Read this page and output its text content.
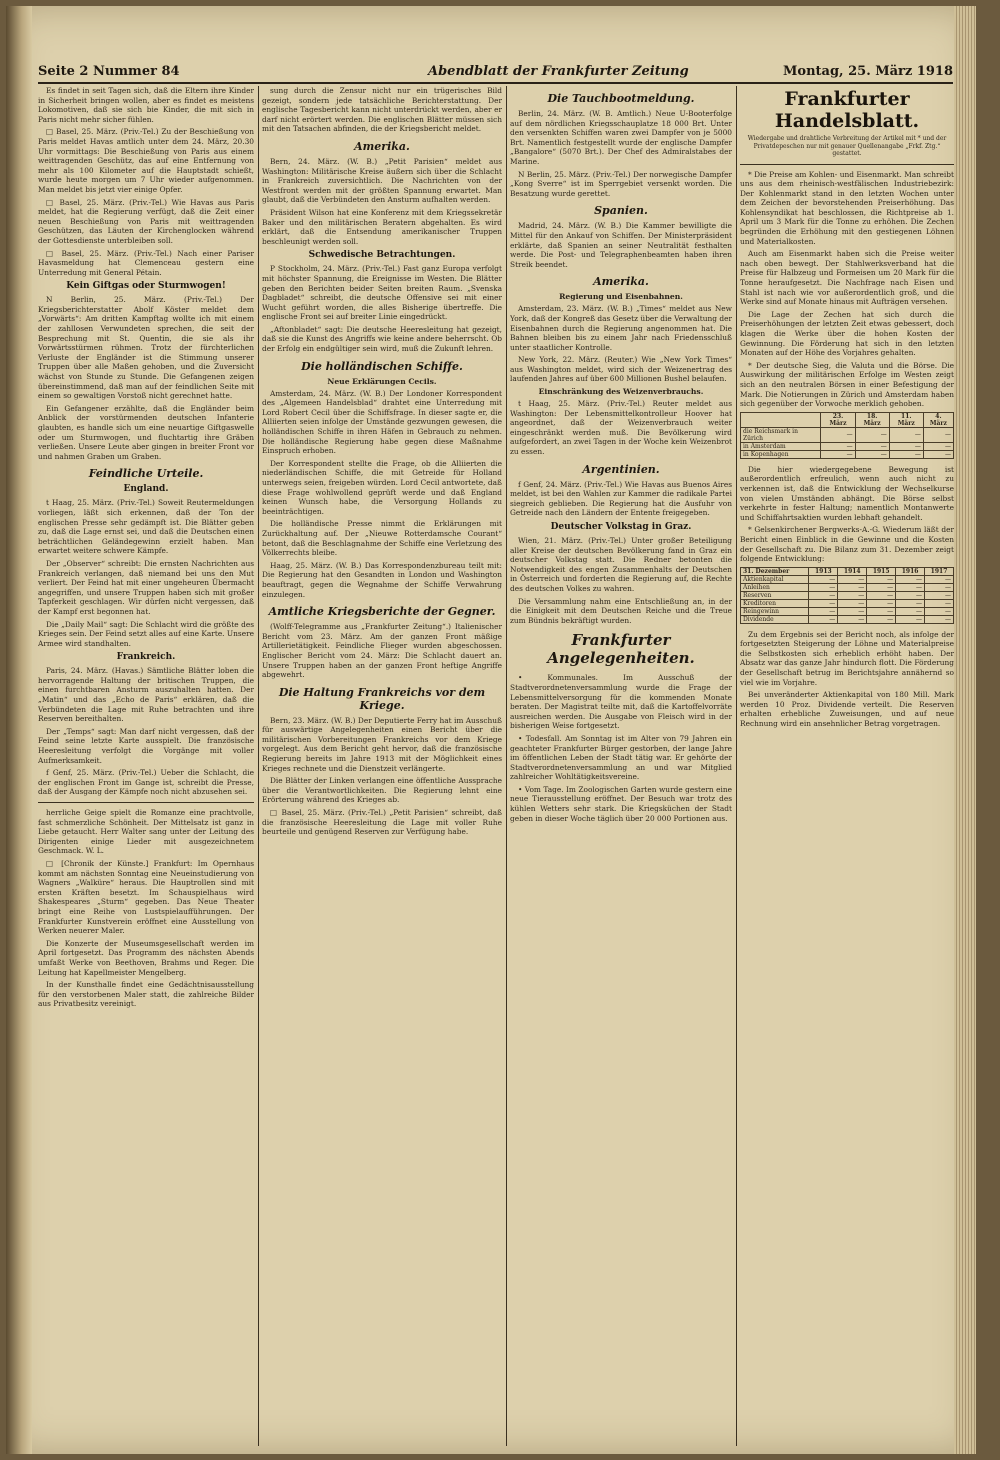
Seite 2 Nummer 84	Abendblatt der Frankfurter Zeitung	Montag, 25. März 1918

Es findet in seit Tagen sich, daß die Eltern ihre Kinder in Sicherheit bringen wollen, aber es findet es meistens Lokomotiven, daß sie sich bie Kinder, die mit sich in Paris nicht mehr sicher fühlen.

□ Basel, 25. März. (Priv.-Tel.) Zu der Beschießung von Paris meldet Havas amtlich unter dem 24. März, 20.30 Uhr vormittags: Die Beschießung von Paris aus einem weittragenden Geschütz, das auf eine Entfernung von mehr als 100 Kilometer auf die Hauptstadt schießt, wurde heute morgen um 7 Uhr wieder aufgenommen. Man meldet bis jetzt vier einige Opfer.

□ Basel, 25. März. (Priv.-Tel.) Wie Havas aus Paris meldet, hat die Regierung verfügt, daß die Zeit einer neuen Beschießung von Paris mit weittragenden Geschützen, das Läuten der Kirchenglocken während der Gottesdienste unterbleiben soll.

□ Basel, 25. März. (Priv.-Tel.) Nach einer Pariser Havasmeldung hat Clemenceau gestern eine Unterredung mit General Pétain.

Kein Giftgas oder Sturmwogen!

N Berlin, 25. März. (Priv.-Tel.) Der Kriegsberichterstatter Abolf Köster meldet dem „Vorwärts“: Am dritten Kampftag wollte ich mit einem der zahllosen Verwundeten sprechen, die seit der Besprechung mit St. Quentin, die sie als ihr Vorwärtsstürmen rühmen. Trotz der fürchterlichen Verluste der Engländer ist die Stimmung unserer Truppen über alle Maßen gehoben, und die Zuversicht wächst von Stunde zu Stunde. Die Gefangenen zeigen übereinstimmend, daß man auf der feindlichen Seite mit einem so gewaltigen Vorstoß nicht gerechnet hatte.

Ein Gefangener erzählte, daß die Engländer beim Anblick der vorstürmenden deutschen Infanterie glaubten, es handle sich um eine neuartige Giftgaswelle oder um Sturmwogen, und fluchtartig ihre Gräben verließen. Unsere Leute aber gingen in breiter Front vor und nahmen Graben um Graben.

Feindliche Urteile.
England.

t Haag, 25. März. (Priv.-Tel.) Soweit Reutermeldungen vorliegen, läßt sich erkennen, daß der Ton der englischen Presse sehr gedämpft ist. Die Blätter geben zu, daß die Lage ernst sei, und daß die Deutschen einen beträchtlichen Geländegewinn erzielt haben. Man erwartet weitere schwere Kämpfe.

Der „Observer“ schreibt: Die ernsten Nachrichten aus Frankreich verlangen, daß niemand bei uns den Mut verliert. Der Feind hat mit einer ungeheuren Übermacht angegriffen, und unsere Truppen haben sich mit großer Tapferkeit geschlagen. Wir dürfen nicht vergessen, daß der Kampf erst begonnen hat.

Die „Daily Mail“ sagt: Die Schlacht wird die größte des Krieges sein. Der Feind setzt alles auf eine Karte. Unsere Armee wird standhalten.

Frankreich.

Paris, 24. März. (Havas.) Sämtliche Blätter loben die hervorragende Haltung der britischen Truppen, die einen furchtbaren Ansturm auszuhalten hatten. Der „Matin“ und das „Echo de Paris“ erklären, daß die Verbündeten die Lage mit Ruhe betrachten und ihre Reserven bereithalten.

Der „Temps“ sagt: Man darf nicht vergessen, daß der Feind seine letzte Karte ausspielt. Die französische Heeresleitung verfolgt die Vorgänge mit voller Aufmerksamkeit.

f Genf, 25. März. (Priv.-Tel.) Ueber die Schlacht, die der englischen Front im Gange ist, schreibt die Presse, daß der Ausgang der Kämpfe noch nicht abzusehen sei.

herrliche Geige spielt die Romanze eine prachtvolle, fast schmerzliche Schönheit. Der Mittelsatz ist ganz in Liebe getaucht. Herr Walter sang unter der Leitung des Dirigenten einige Lieder mit ausgezeichnetem Geschmack. W. L.

□ [Chronik der Künste.] Frankfurt: Im Opernhaus kommt am nächsten Sonntag eine Neueinstudierung von Wagners „Walküre“ heraus. Die Hauptrollen sind mit ersten Kräften besetzt. Im Schauspielhaus wird Shakespeares „Sturm“ gegeben. Das Neue Theater bringt eine Reihe von Lustspielaufführungen. Der Frankfurter Kunstverein eröffnet eine Ausstellung von Werken neuerer Maler.

Die Konzerte der Museumsgesellschaft werden im April fortgesetzt. Das Programm des nächsten Abends umfaßt Werke von Beethoven, Brahms und Reger. Die Leitung hat Kapellmeister Mengelberg.

In der Kunsthalle findet eine Gedächtnisausstellung für den verstorbenen Maler statt, die zahlreiche Bilder aus Privatbesitz vereinigt.

sung durch die Zensur nicht nur ein trügerisches Bild gezeigt, sondern jede tatsächliche Berichterstattung. Der englische Tagesbericht kann nicht unterdrückt werden, aber er darf nicht erörtert werden. Die englischen Blätter müssen sich mit den Tatsachen abfinden, die der Kriegsbericht meldet.

Amerika.

Bern, 24. März. (W. B.) „Petit Parisien“ meldet aus Washington: Militärische Kreise äußern sich über die Schlacht in Frankreich zuversichtlich. Die Nachrichten von der Westfront werden mit der größten Spannung erwartet. Man glaubt, daß die Verbündeten den Ansturm aufhalten werden.

Präsident Wilson hat eine Konferenz mit dem Kriegssekretär Baker und den militärischen Beratern abgehalten. Es wird erklärt, daß die Entsendung amerikanischer Truppen beschleunigt werden soll.

Schwedische Betrachtungen.

P Stockholm, 24. März. (Priv.-Tel.) Fast ganz Europa verfolgt mit höchster Spannung, die Ereignisse im Westen. Die Blätter geben den Berichten beider Seiten breiten Raum. „Svenska Dagbladet“ schreibt, die deutsche Offensive sei mit einer Wucht geführt worden, die alles Bisherige übertreffe. Die englische Front sei auf breiter Linie eingedrückt.

„Aftonbladet“ sagt: Die deutsche Heeresleitung hat gezeigt, daß sie die Kunst des Angriffs wie keine andere beherrscht. Ob der Erfolg ein endgültiger sein wird, muß die Zukunft lehren.

Die holländischen Schiffe.
Neue Erklärungen Cecils.

Amsterdam, 24. März. (W. B.) Der Londoner Korrespondent des „Algemeen Handelsblad“ drahtet eine Unterredung mit Lord Robert Cecil über die Schiffsfrage. In dieser sagte er, die Alliierten seien infolge der Umstände gezwungen gewesen, die holländischen Schiffe in ihren Häfen in Gebrauch zu nehmen. Die holländische Regierung habe gegen diese Maßnahme Einspruch erhoben.

Der Korrespondent stellte die Frage, ob die Alliierten die niederländischen Schiffe, die mit Getreide für Holland unterwegs seien, freigeben würden. Lord Cecil antwortete, daß diese Frage wohlwollend geprüft werde und daß England keinen Wunsch habe, die Versorgung Hollands zu beeinträchtigen.

Die holländische Presse nimmt die Erklärungen mit Zurückhaltung auf. Der „Nieuwe Rotterdamsche Courant“ betont, daß die Beschlagnahme der Schiffe eine Verletzung des Völkerrechts bleibe.

Haag, 25. März. (W. B.) Das Korrespondenzbureau teilt mit: Die Regierung hat den Gesandten in London und Washington beauftragt, gegen die Wegnahme der Schiffe Verwahrung einzulegen.

Amtliche Kriegsberichte der Gegner.

(Wolff-Telegramme aus „Frankfurter Zeitung“.) Italienischer Bericht vom 23. März. Am der ganzen Front mäßige Artillerietätigkeit. Feindliche Flieger wurden abgeschossen. Englischer Bericht vom 24. März: Die Schlacht dauert an. Unsere Truppen haben an der ganzen Front heftige Angriffe abgewehrt.

Die Haltung Frankreichs vor dem Kriege.

Bern, 23. März. (W. B.) Der Deputierte Ferry hat im Ausschuß für auswärtige Angelegenheiten einen Bericht über die militärischen Vorbereitungen Frankreichs vor dem Kriege vorgelegt. Aus dem Bericht geht hervor, daß die französische Regierung bereits im Jahre 1913 mit der Möglichkeit eines Krieges rechnete und die Dienstzeit verlängerte.

Die Blätter der Linken verlangen eine öffentliche Aussprache über die Verantwortlichkeiten. Die Regierung lehnt eine Erörterung während des Krieges ab.

□ Basel, 25. März. (Priv.-Tel.) „Petit Parisien“ schreibt, daß die französische Heeresleitung die Lage mit voller Ruhe beurteile und genügend Reserven zur Verfügung habe.

Die Tauchbootmeldung.

Berlin, 24. März. (W. B. Amtlich.) Neue U-Booterfolge auf dem nördlichen Kriegsschauplatze 18 000 Brt. Unter den versenkten Schiffen waren zwei Dampfer von je 5000 Brt. Namentlich festgestellt wurde der englische Dampfer „Bangalore“ (5070 Brt.). Der Chef des Admiralstabes der Marine.

N Berlin, 25. März. (Priv.-Tel.) Der norwegische Dampfer „Kong Sverre“ ist im Sperrgebiet versenkt worden. Die Besatzung wurde gerettet.

Spanien.

Madrid, 24. März. (W. B.) Die Kammer bewilligte die Mittel für den Ankauf von Schiffen. Der Ministerpräsident erklärte, daß Spanien an seiner Neutralität festhalten werde. Die Post- und Telegraphenbeamten haben ihren Streik beendet.

Amerika.
Regierung und Eisenbahnen.

Amsterdam, 23. März. (W. B.) „Times“ meldet aus New York, daß der Kongreß das Gesetz über die Verwaltung der Eisenbahnen durch die Regierung angenommen hat. Die Bahnen bleiben bis zu einem Jahr nach Friedensschluß unter staatlicher Kontrolle.

New York, 22. März. (Reuter.) Wie „New York Times“ aus Washington meldet, wird sich der Weizenertrag des laufenden Jahres auf über 600 Millionen Bushel belaufen.

Einschränkung des Weizenverbrauchs.

t Haag, 25. März. (Priv.-Tel.) Reuter meldet aus Washington: Der Lebensmittelkontrolleur Hoover hat angeordnet, daß der Weizenverbrauch weiter eingeschränkt werden muß. Die Bevölkerung wird aufgefordert, an zwei Tagen in der Woche kein Weizenbrot zu essen.

Argentinien.

f Genf, 24. März. (Priv.-Tel.) Wie Havas aus Buenos Aires meldet, ist bei den Wahlen zur Kammer die radikale Partei siegreich geblieben. Die Regierung hat die Ausfuhr von Getreide nach den Ländern der Entente freigegeben.

Deutscher Volkstag in Graz.

Wien, 21. März. (Priv.-Tel.) Unter großer Beteiligung aller Kreise der deutschen Bevölkerung fand in Graz ein deutscher Volkstag statt. Die Redner betonten die Notwendigkeit des engen Zusammenhalts der Deutschen in Österreich und forderten die Regierung auf, die Rechte des deutschen Volkes zu wahren.

Die Versammlung nahm eine Entschließung an, in der die Einigkeit mit dem Deutschen Reiche und die Treue zum Bündnis bekräftigt wurden.

Frankfurter Angelegenheiten.

• Kommunales. Im Ausschuß der Stadtverordnetenversammlung wurde die Frage der Lebensmittelversorgung für die kommenden Monate beraten. Der Magistrat teilte mit, daß die Kartoffelvorräte ausreichen werden. Die Ausgabe von Fleisch wird in der bisherigen Weise fortgesetzt.

• Todesfall. Am Sonntag ist im Alter von 79 Jahren ein geachteter Frankfurter Bürger gestorben, der lange Jahre im öffentlichen Leben der Stadt tätig war. Er gehörte der Stadtverordnetenversammlung an und war Mitglied zahlreicher Wohltätigkeitsvereine.

• Vom Tage. Im Zoologischen Garten wurde gestern eine neue Tierausstellung eröffnet. Der Besuch war trotz des kühlen Wetters sehr stark. Die Kriegsküchen der Stadt geben in dieser Woche täglich über 20 000 Portionen aus.

Frankfurter Handelsblatt.
Wiedergabe und drahtliche Verbreitung der Artikel mit * und der Privatdepeschen nur mit genauer Quellenangabe „Frkf. Ztg.“ gestattet.

* Die Preise am Kohlen- und Eisenmarkt. Man schreibt uns aus dem rheinisch-westfälischen Industriebezirk: Der Kohlenmarkt stand in den letzten Wochen unter dem Zeichen der bevorstehenden Preiserhöhung. Das Kohlensyndikat hat beschlossen, die Richtpreise ab 1. April um 3 Mark für die Tonne zu erhöhen. Die Zechen begründen die Erhöhung mit den gestiegenen Löhnen und Materialkosten.

Auch am Eisenmarkt haben sich die Preise weiter nach oben bewegt. Der Stahlwerksverband hat die Preise für Halbzeug und Formeisen um 20 Mark für die Tonne heraufgesetzt. Die Nachfrage nach Eisen und Stahl ist nach wie vor außerordentlich groß, und die Werke sind auf Monate hinaus mit Aufträgen versehen.

Die Lage der Zechen hat sich durch die Preiserhöhungen der letzten Zeit etwas gebessert, doch klagen die Werke über die hohen Kosten der Gewinnung. Die Förderung hat sich in den letzten Monaten auf der Höhe des Vorjahres gehalten.

* Der deutsche Sieg, die Valuta und die Börse. Die Auswirkung der militärischen Erfolge im Westen zeigt sich an den neutralen Börsen in einer Befestigung der Mark. Die Notierungen in Zürich und Amsterdam haben sich gegenüber der Vorwoche merklich gehoben.

	23. März	18. März	11. März	4. März
die Reichsmark in Zürich	—	—	—	—
in Amsterdam	—	—	—	—
in Kopenhagen	—	—	—	—

Die hier wiedergegebene Bewegung ist außerordentlich erfreulich, wenn auch nicht zu verkennen ist, daß die Entwicklung der Wechselkurse von vielen Umständen abhängt. Die Börse selbst verkehrte in fester Haltung; namentlich Montanwerte und Schiffahrtsaktien wurden lebhaft gehandelt.

* Gelsenkirchener Bergwerks-A.-G. Wiederum läßt der Bericht einen Einblick in die Gewinne und die Kosten der Gesellschaft zu. Die Bilanz zum 31. Dezember zeigt folgende Entwicklung:

31. Dezember	1913	1914	1915	1916	1917
Aktienkapital	—	—	—	—	—
Anleihen	—	—	—	—	—
Reserven	—	—	—	—	—
Kreditoren	—	—	—	—	—
Reingewinn	—	—	—	—	—
Dividende	—	—	—	—	—

Zu dem Ergebnis sei der Bericht noch, als infolge der fortgesetzten Steigerung der Löhne und Materialpreise die Selbstkosten sich erheblich erhöht haben. Der Absatz war das ganze Jahr hindurch flott. Die Förderung der Gesellschaft betrug im Berichtsjahre annähernd so viel wie im Vorjahre.

Bei unveränderter Aktienkapital von 180 Mill. Mark werden 10 Proz. Dividende verteilt. Die Reserven erhalten erhebliche Zuweisungen, und auf neue Rechnung wird ein ansehnlicher Betrag vorgetragen.
